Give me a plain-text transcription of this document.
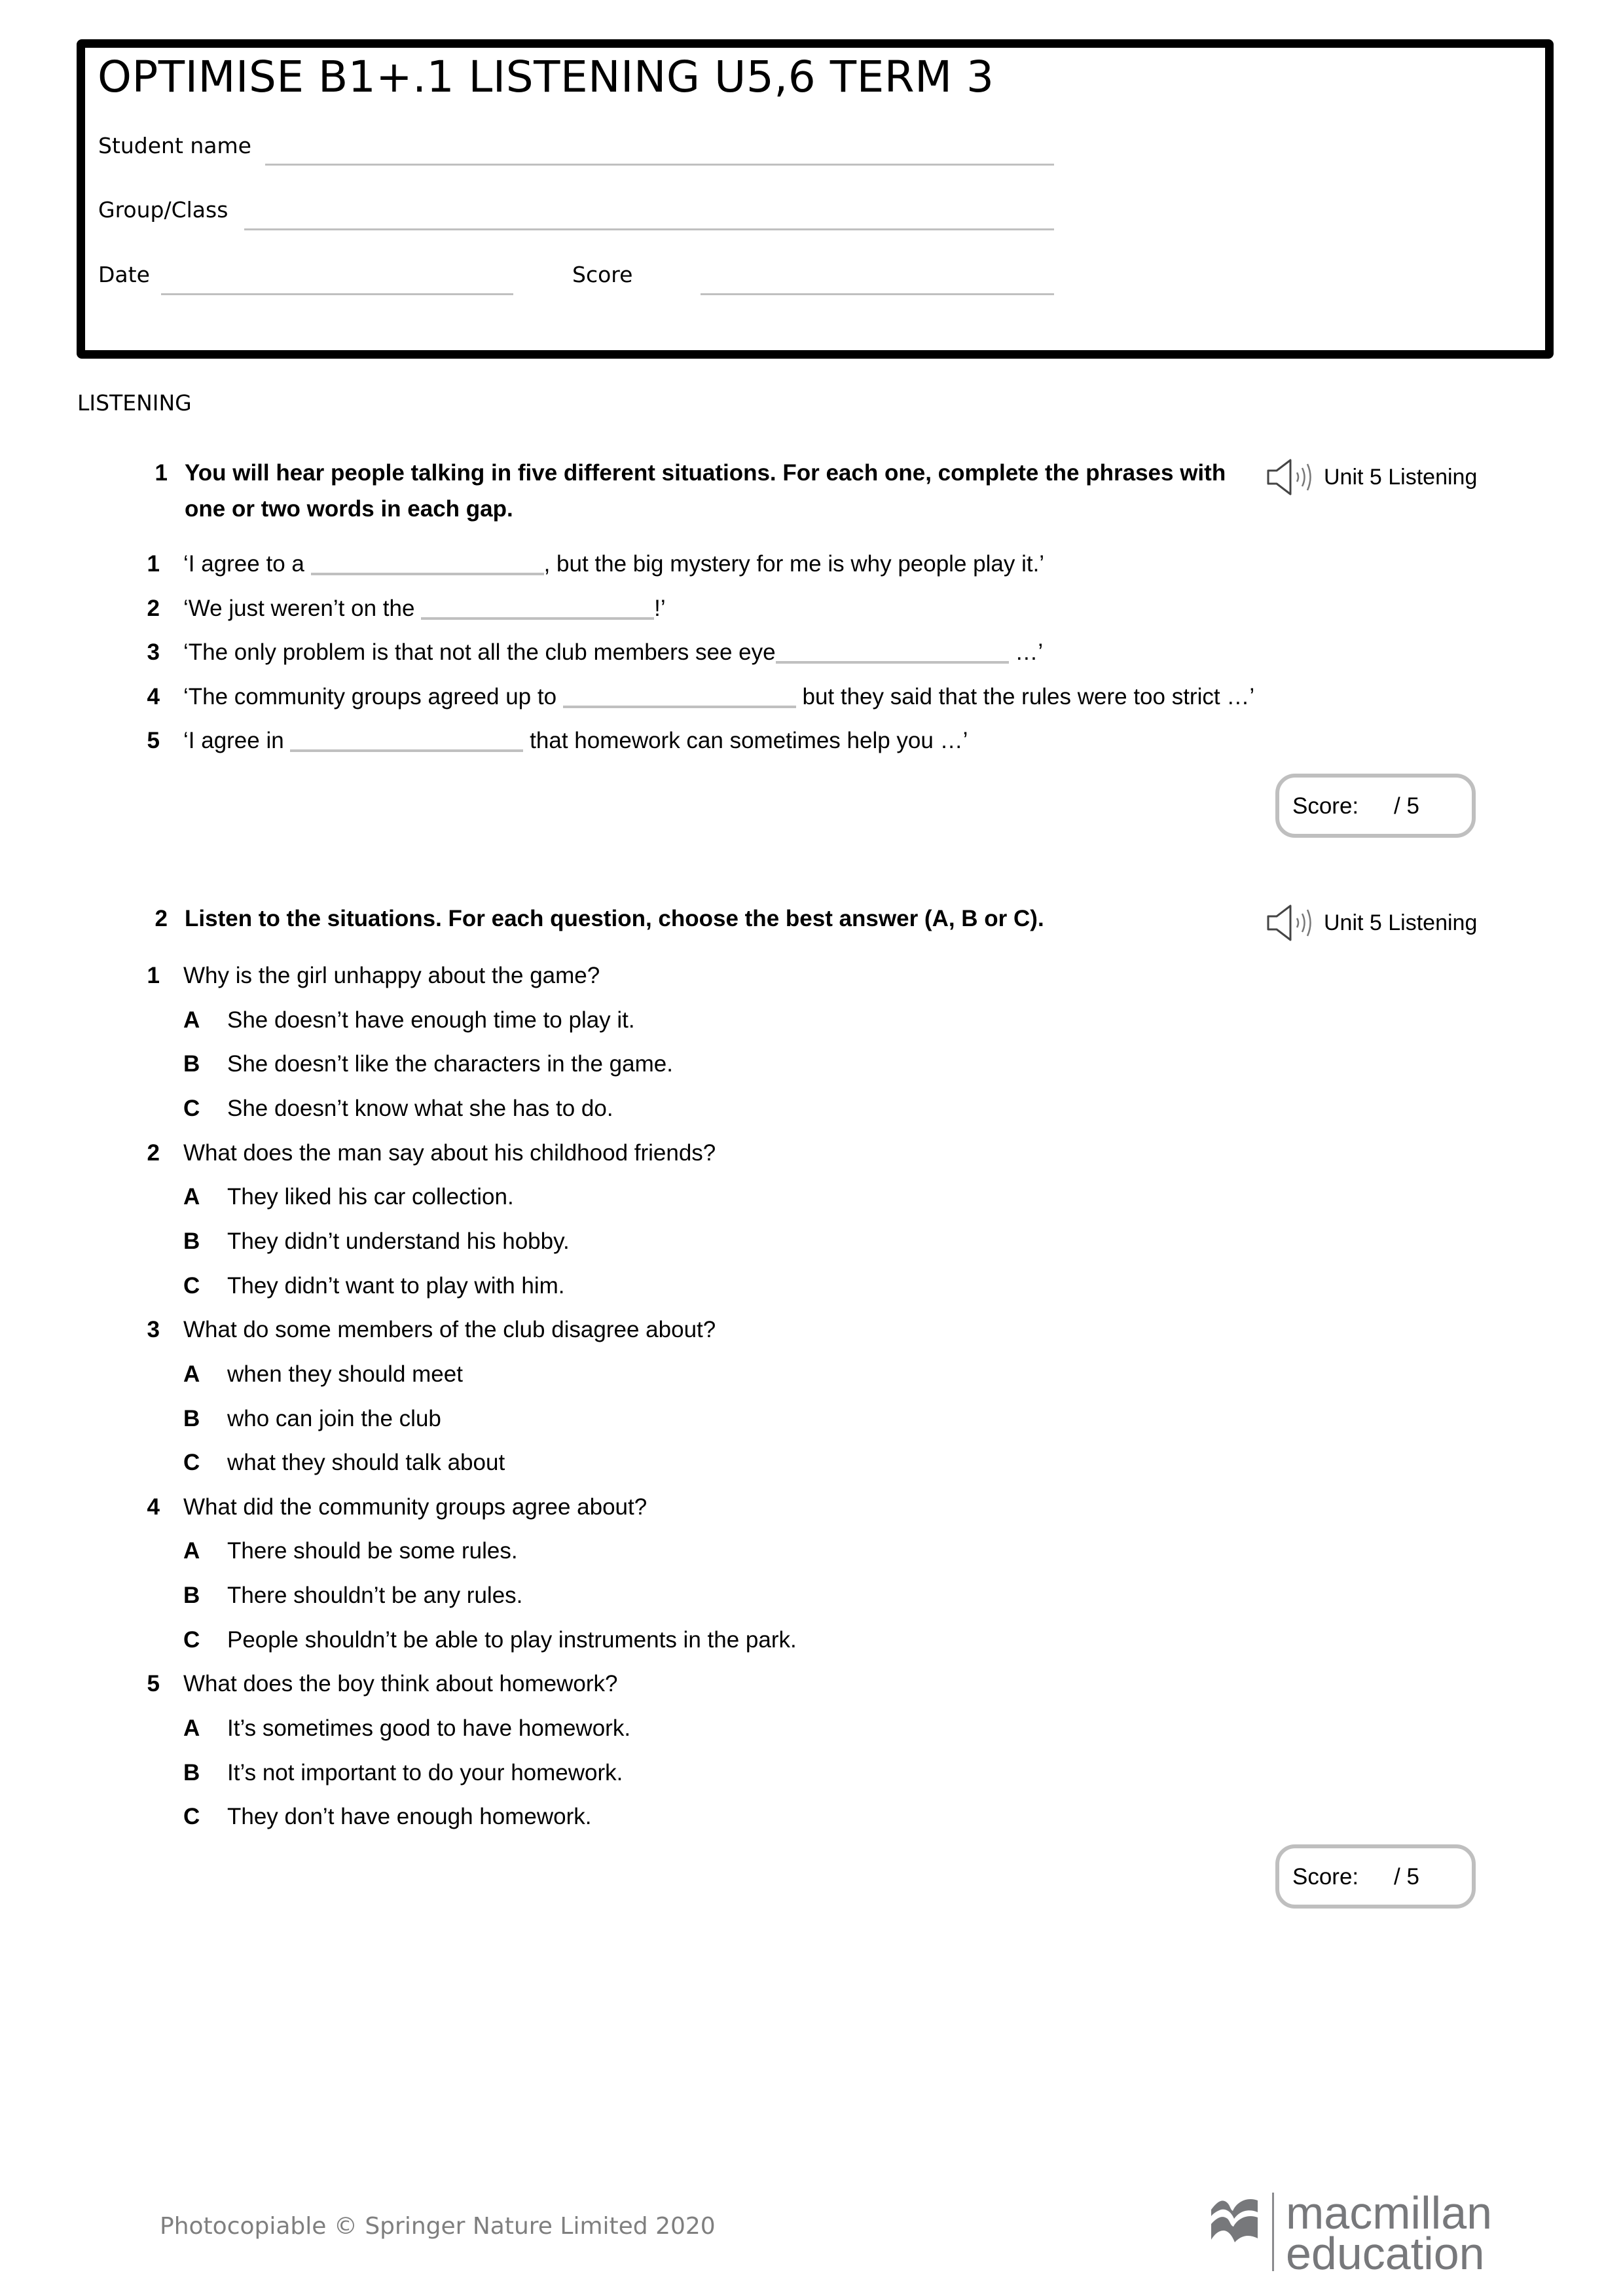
OPTIMISE B1+.1 LISTENING U5,6 TERM 3
Student name
Group/Class
Date	Score
LISTENING
1 You will hear people talking in five different situations. For each one, complete the phrases with
one or two words in each gap.
Unit 5 Listening
1 ‘I agree to a	, but the big mystery for me is why people play it.’
2 ‘We just weren’t on the	!’
3 ‘The only problem is that not all the club members see eye	…’
4 ‘The community groups agreed up to	but they said that the rules were too strict …’
5 ‘I agree in	that homework can sometimes help you …’
Score: / 5
2 Listen to the situations. For each question, choose the best answer (A, B or C).	Unit 5 Listening
1 Why is the girl unhappy about the game?
A She doesn’t have enough time to play it.
B She doesn’t like the characters in the game.
C She doesn’t know what she has to do.
2 What does the man say about his childhood friends?
A They liked his car collection.
B They didn’t understand his hobby.
C They didn’t want to play with him.
3 What do some members of the club disagree about?
A when they should meet
B who can join the club
C what they should talk about
4 What did the community groups agree about?
A There should be some rules.
B There shouldn’t be any rules.
C People shouldn’t be able to play instruments in the park.
5 What does the boy think about homework?
A It’s sometimes good to have homework.
B It’s not important to do your homework.
C They don’t have enough homework.
Score: / 5
Photocopiable © Springer Nature Limited 2020	macmillan
education
